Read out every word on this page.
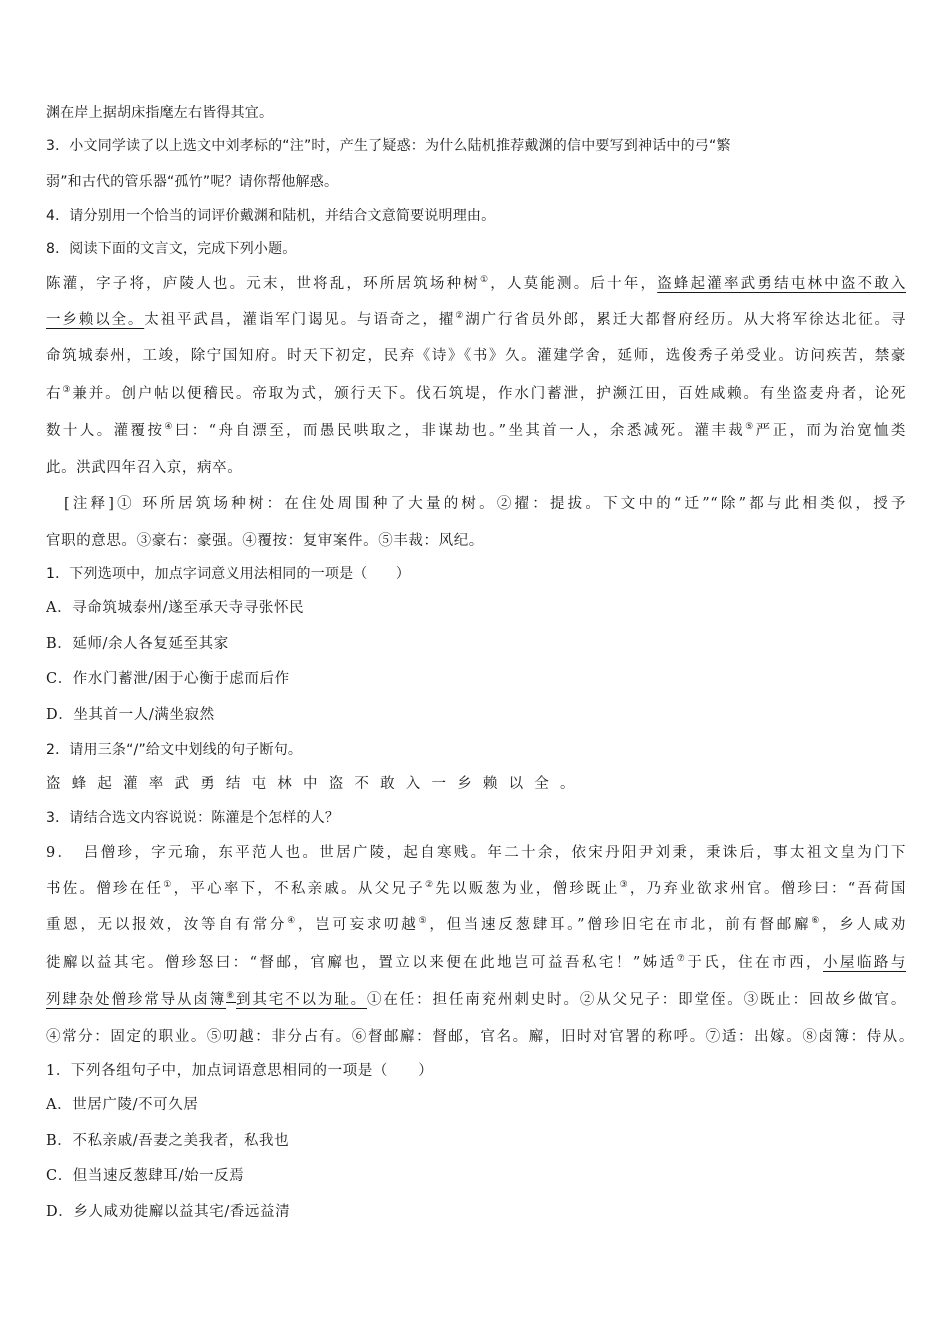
渊在岸上据胡床指麾左右皆得其宜。
3．小文同学读了以上选文中刘孝标的“注”时，产生了疑惑：为什么陆机推荐戴渊的信中要写到神话中的弓“繁
弱”和古代的管乐器“孤竹”呢？请你帮他解惑。
4．请分别用一个恰当的词评价戴渊和陆机，并结合文意简要说明理由。
8．阅读下面的文言文，完成下列小题。
陈灌，字子将，庐陵人也。元末，世将乱，环所居筑场种树①，人莫能测。后十年，盗蜂起灌率武勇结屯林中盗不敢入
一乡赖以全。太祖平武昌，灌诣军门谒见。与语奇之，擢②湖广行省员外郎，累迁大都督府经历。从大将军徐达北征。寻
命筑城泰州，工竣，除宁国知府。时天下初定，民弃《诗》《书》久。灌建学舍，延师，选俊秀子弟受业。访问疾苦，禁豪
右③兼并。创户帖以便稽民。帝取为式，颁行天下。伐石筑堤，作水门蓄泄，护濒江田，百姓咸赖。有坐盗麦舟者，论死
数十人。灌覆按④曰：“舟自漂至，而愚民哄取之，非谋劫也。”坐其首一人，余悉减死。灌丰裁⑤严正，而为治宽恤类
此。洪武四年召入京，病卒。
[注释]① 环所居筑场种树：在住处周围种了大量的树。②擢：提拔。下文中的“迁”“除”都与此相类似，授予
官职的意思。③豪右：豪强。④覆按：复审案件。⑤丰裁：风纪。
1．下列选项中，加点字词意义用法相同的一项是（　　）
A．寻命筑城泰州/遂至承天寺寻张怀民
B．延师/余人各复延至其家
C．作水门蓄泄/困于心衡于虑而后作
D．坐其首一人/满坐寂然
2．请用三条“/”给文中划线的句子断句。
盗蜂起灌率武勇结屯林中盗不敢入一乡赖以全。
3．请结合选文内容说说：陈灌是个怎样的人？
9．　吕僧珍，字元瑜，东平范人也。世居广陵，起自寒贱。年二十余，依宋丹阳尹刘秉，秉诛后，事太祖文皇为门下
书佐。僧珍在任①，平心率下，不私亲戚。从父兄子②先以贩葱为业，僧珍既止③，乃弃业欲求州官。僧珍曰：“吾荷国
重恩，无以报效，汝等自有常分④，岂可妄求叨越⑤，但当速反葱肆耳。”僧珍旧宅在市北，前有督邮廨⑥，乡人咸劝
徙廨以益其宅。僧珍怒曰：“督邮，官廨也，置立以来便在此地岂可益吾私宅！”姊适⑦于氏，住在市西，小屋临路与
列肆杂处僧珍常导从卤簿⑧到其宅不以为耻。①在任：担任南兖州刺史时。②从父兄子：即堂侄。③既止：回故乡做官。
④常分：固定的职业。⑤叨越：非分占有。⑥督邮廨：督邮，官名。廨，旧时对官署的称呼。⑦适：出嫁。⑧卤簿：侍从。
1．下列各组句子中，加点词语意思相同的一项是（　　）
A．世居广陵/不可久居
B．不私亲戚/吾妻之美我者，私我也
C．但当速反葱肆耳/始一反焉
D．乡人咸劝徙廨以益其宅/香远益清
